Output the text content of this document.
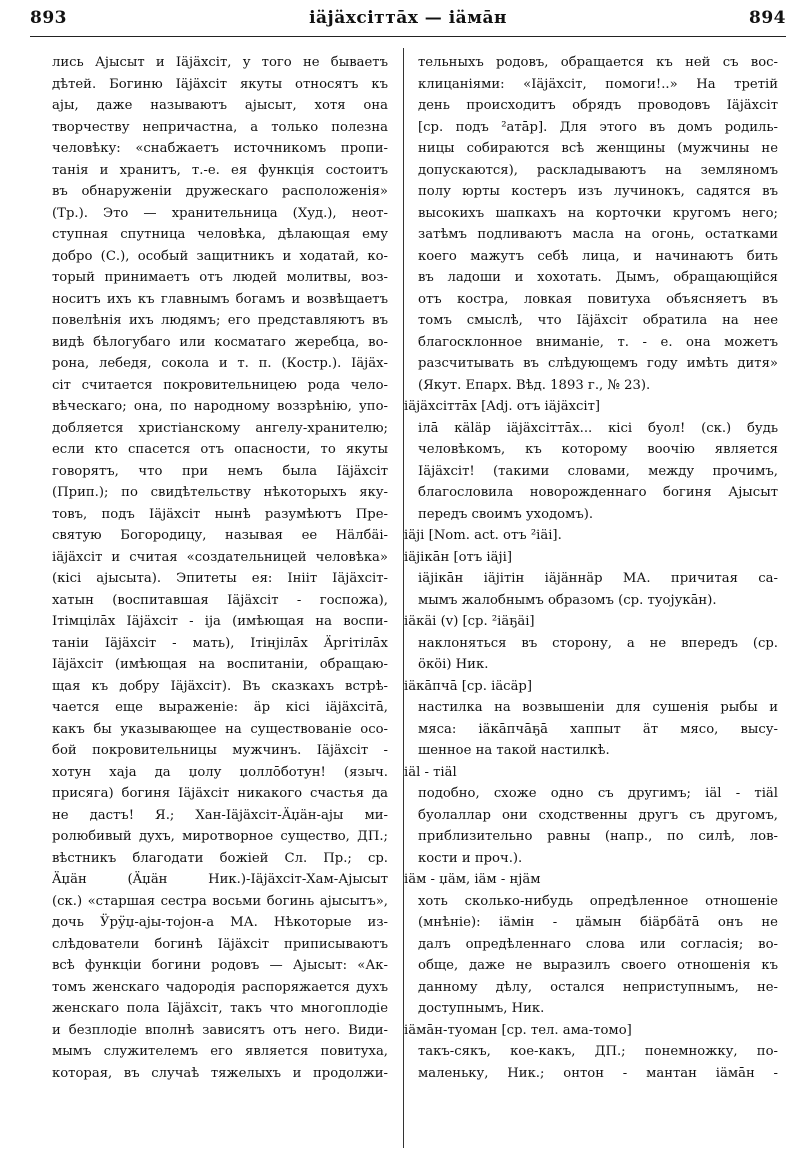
893	iäjäxciттāх — iäмāн	894
лись Аjысыт и Iäjäxсiт, у того не бываетъ
дѣтей. Богиню Iäjäxсiт якуты относятъ къ
аjы, даже называютъ аjысыт, хотя она
творчеству непричастна, а только полезна
человѣку: «снабжаетъ источникомъ пропи-
танія и хранитъ, т.-е. ея функція состоитъ
въ обнаруженіи дружескаго расположенія»
(Тр.). Это — хранительница (Худ.), неот-
ступная спутница человѣка, дѣлающая ему
добро (С.), особый защитникъ и ходатай, ко-
торый принимаетъ отъ людей молитвы, воз-
носитъ ихъ къ главнымъ богамъ и возвѣщаетъ
повелѣнія ихъ людямъ; его представляютъ въ
видѣ бѣлогубаго или косматаго жеребца, во-
рона, лебедя, сокола и т. п. (Костр.). Iäjäх-
сiт считается покровительницею рода чело-
вѣческаго; она, по народному воззрѣнію, упо-
добляется христіанскому ангелу-хранителю;
если кто спасется отъ опасности, то якуты
говорятъ, что при немъ была Iäjäxсiт
(Прип.); по свидѣтельству нѣкоторыхъ яку-
товъ, подъ Iäjäxсiт нынѣ разумѣютъ Пре-
святую Богородицу, называя ее Нäлбäi-
iäjäxсiт и считая «создательницей человѣка»
(кісі аjысыта). Эпитеты ея: Iнiiт Iäjäxсiт-
хатын (воспитавшая Iäjäxсiт - госпожа),
Iтiмцiлāх Iäjäxсiт - iја (имѣющая на воспи-
таніи Iäjäxсiт - мать), Iтiнјiлāх Äргiтiлāх
Iäjäxсiт (имѣющая на воспитаніи, обращаю-
щая къ добру Iäjäxсiт). Въ сказкахъ встрѣ-
чается еще выраженіе: äр кiсi iäjäxсiтā,
какъ бы указывающее на существованіе осо-
бой покровительницы мужчинъ. Iäjäxсiт -
хотун хаја да џолу џоллōботун! (языч.
присяга) богиня Iäjäxсiт никакого счастья да
не дастъ! Я.; Хан-Iäjäxсiт-Äџäн-аjы ми-
ролюбивый духъ, миротворное существо, ДП.;
вѣстникъ благодати божіей Сл. Пр.; ср.
Äџäн (Äџäн Ник.)-Iäjäxсiт-Хам-Аjысыт
(ск.) «старшая сестра восьми богинь аjысытъ»,
дочь Ӱрӱџ-аjы-тојон-а МА. Нѣкоторые из-
слѣдователи богинѣ Iäjäxсiт приписываютъ
всѣ функціи богини родовъ — Аjысыт: «Ак-
томъ женскаго чадородія распоряжается духъ
женскаго пола Iäjäxсiт, такъ что многоплодіе
и безплодіе вполнѣ зависятъ отъ него. Види-
мымъ служителемъ его является повитуха,
которая, въ случаѣ тяжелыхъ и продолжи-
тельныхъ родовъ, обращается къ ней съ вос-
клицаніями: «Iäjäxсiт, помоги!..» На третій
день происходитъ обрядъ проводовъ Iäjäxсiт
[ср. подъ ²атāр]. Для этого въ домъ родиль-
ницы собираются всѣ женщины (мужчины не
допускаются), раскладываютъ на земляномъ
полу юрты костеръ изъ лучинокъ, садятся въ
высокихъ шапкахъ на корточки кругомъ него;
затѣмъ подливаютъ масла на огонь, остатками
коего мажутъ себѣ лица, и начинаютъ бить
въ ладоши и хохотать. Дымъ, обращающійся
отъ костра, ловкая повитуха объясняетъ въ
томъ смыслѣ, что Iäjäxсiт обратила на нее
благосклонное вниманіе, т. - е. она можетъ
разсчитывать въ слѣдующемъ году имѣть дитя»
(Якут. Епарх. Вѣд. 1893 г., № 23).
iäjäxсiттāх [Adj. отъ iäjäxсiт]
iлā кäläр iäjäxсiттāх... кiсi буол! (ск.) будь
человѣкомъ, къ которому воочію является
Iäjäxсiт! (такими словами, между прочимъ,
благословила новорожденнаго богиня Аjысыт
передъ своимъ уходомъ).
iäjі [Nom. act. отъ ²iäi].
iäjiкāн [отъ iäjі]
iäjiкāн iäjiтiн iäjäннäр МА. причитая са-
мымъ жалобнымъ образомъ (ср. туојукāн).
iäкäi (v) [ср. ²iäҕäi]
наклоняться въ сторону, а не впередъ (ср.
öкöi) Ник.
iäкāпчā [ср. iäсäр]
настилка на возвышеніи для сушенія рыбы и
мяса: iäкāпчāҕā хаппыт äт мясо, высу-
шенное на такой настилкѣ.
iäl - тiäl
подобно, схоже одно съ другимъ; iäl - тiäl
буолаллар они сходственны другъ съ другомъ,
приблизительно равны (напр., по силѣ, лов-
кости и проч.).
iäм - џäм, iäм - нјäм
хоть сколько-нибудь опредѣленное отношеніе
(мнѣніе): iäмiн - џäмын бiäрбäтā онъ не
далъ опредѣленнаго слова или согласія; во-
обще, даже не выразилъ своего отношенія къ
данному дѣлу, остался неприступнымъ, не-
доступнымъ, Ник.
iäмāн-туоман [ср. тел. ама-томо]
такъ-сякъ, кое-какъ, ДП.; понемножку, по-
маленьку, Ник.; онтон - мантан iäмāн -
